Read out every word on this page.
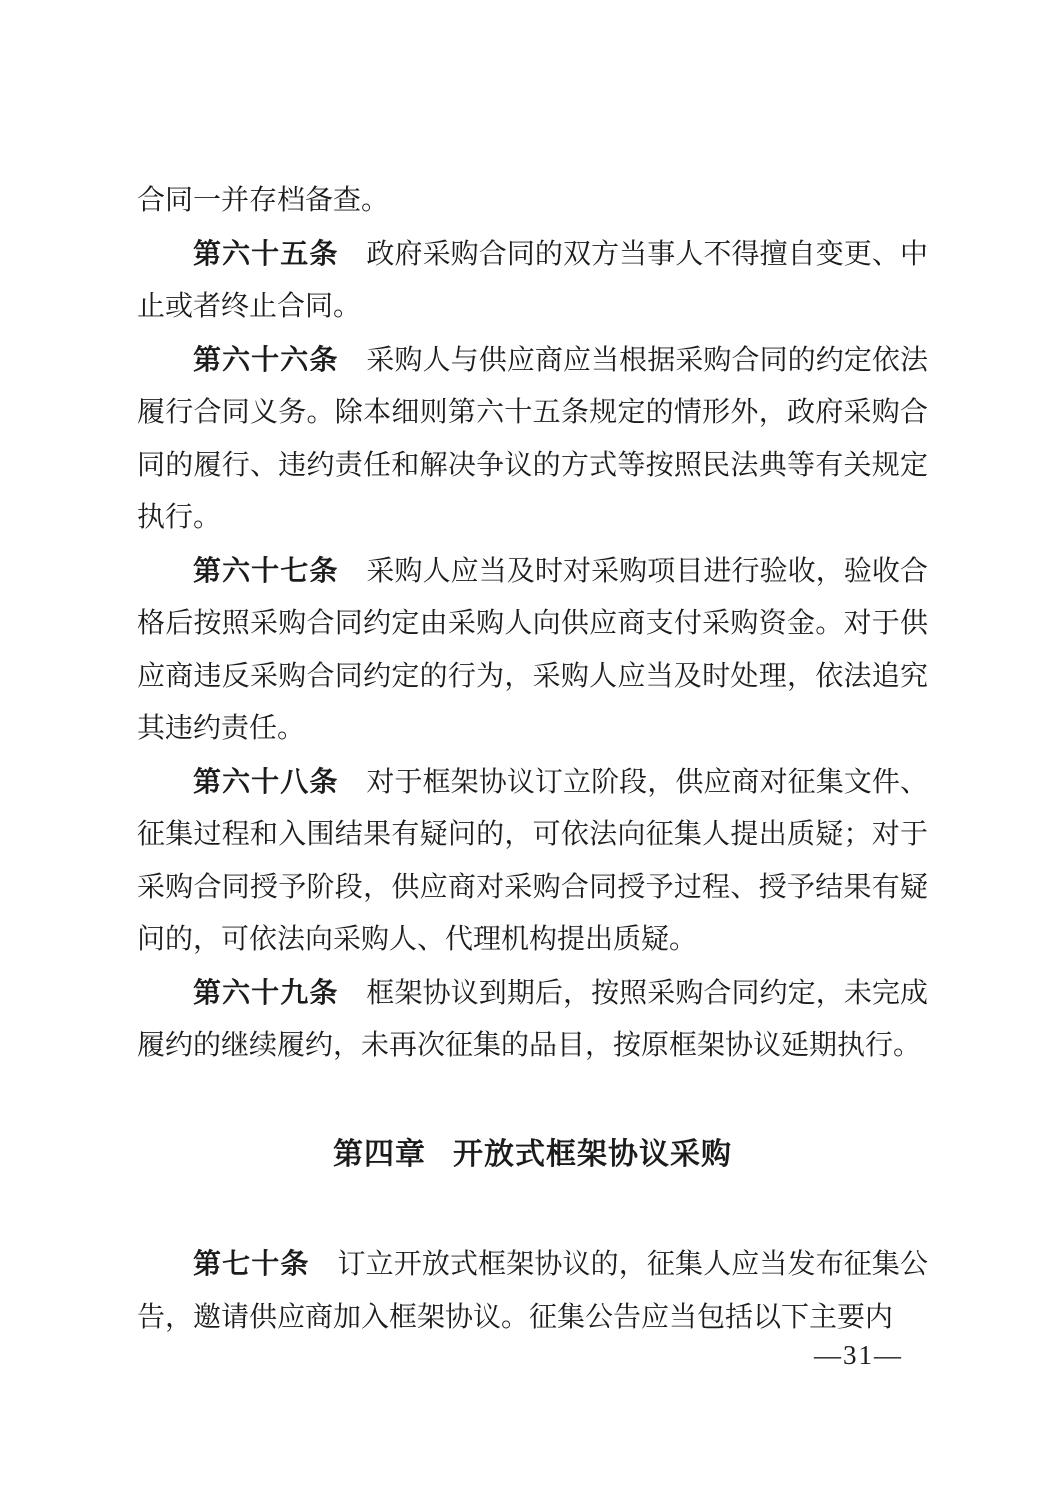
合同一并存档备查。

第六十五条 政府采购合同的双方当事人不得擅自变更、中止或者终止合同。

第六十六条 采购人与供应商应当根据采购合同的约定依法履行合同义务。除本细则第六十五条规定的情形外，政府采购合同的履行、违约责任和解决争议的方式等按照民法典等有关规定执行。

第六十七条 采购人应当及时对采购项目进行验收，验收合格后按照采购合同约定由采购人向供应商支付采购资金。对于供应商违反采购合同约定的行为，采购人应当及时处理，依法追究其违约责任。

第六十八条 对于框架协议订立阶段，供应商对征集文件、征集过程和入围结果有疑问的，可依法向征集人提出质疑；对于采购合同授予阶段，供应商对采购合同授予过程、授予结果有疑问的，可依法向采购人、代理机构提出质疑。

第六十九条 框架协议到期后，按照采购合同约定，未完成履约的继续履约，未再次征集的品目，按原框架协议延期执行。

第四章 开放式框架协议采购

第七十条 订立开放式框架协议的，征集人应当发布征集公告，邀请供应商加入框架协议。征集公告应当包括以下主要内

—31—
